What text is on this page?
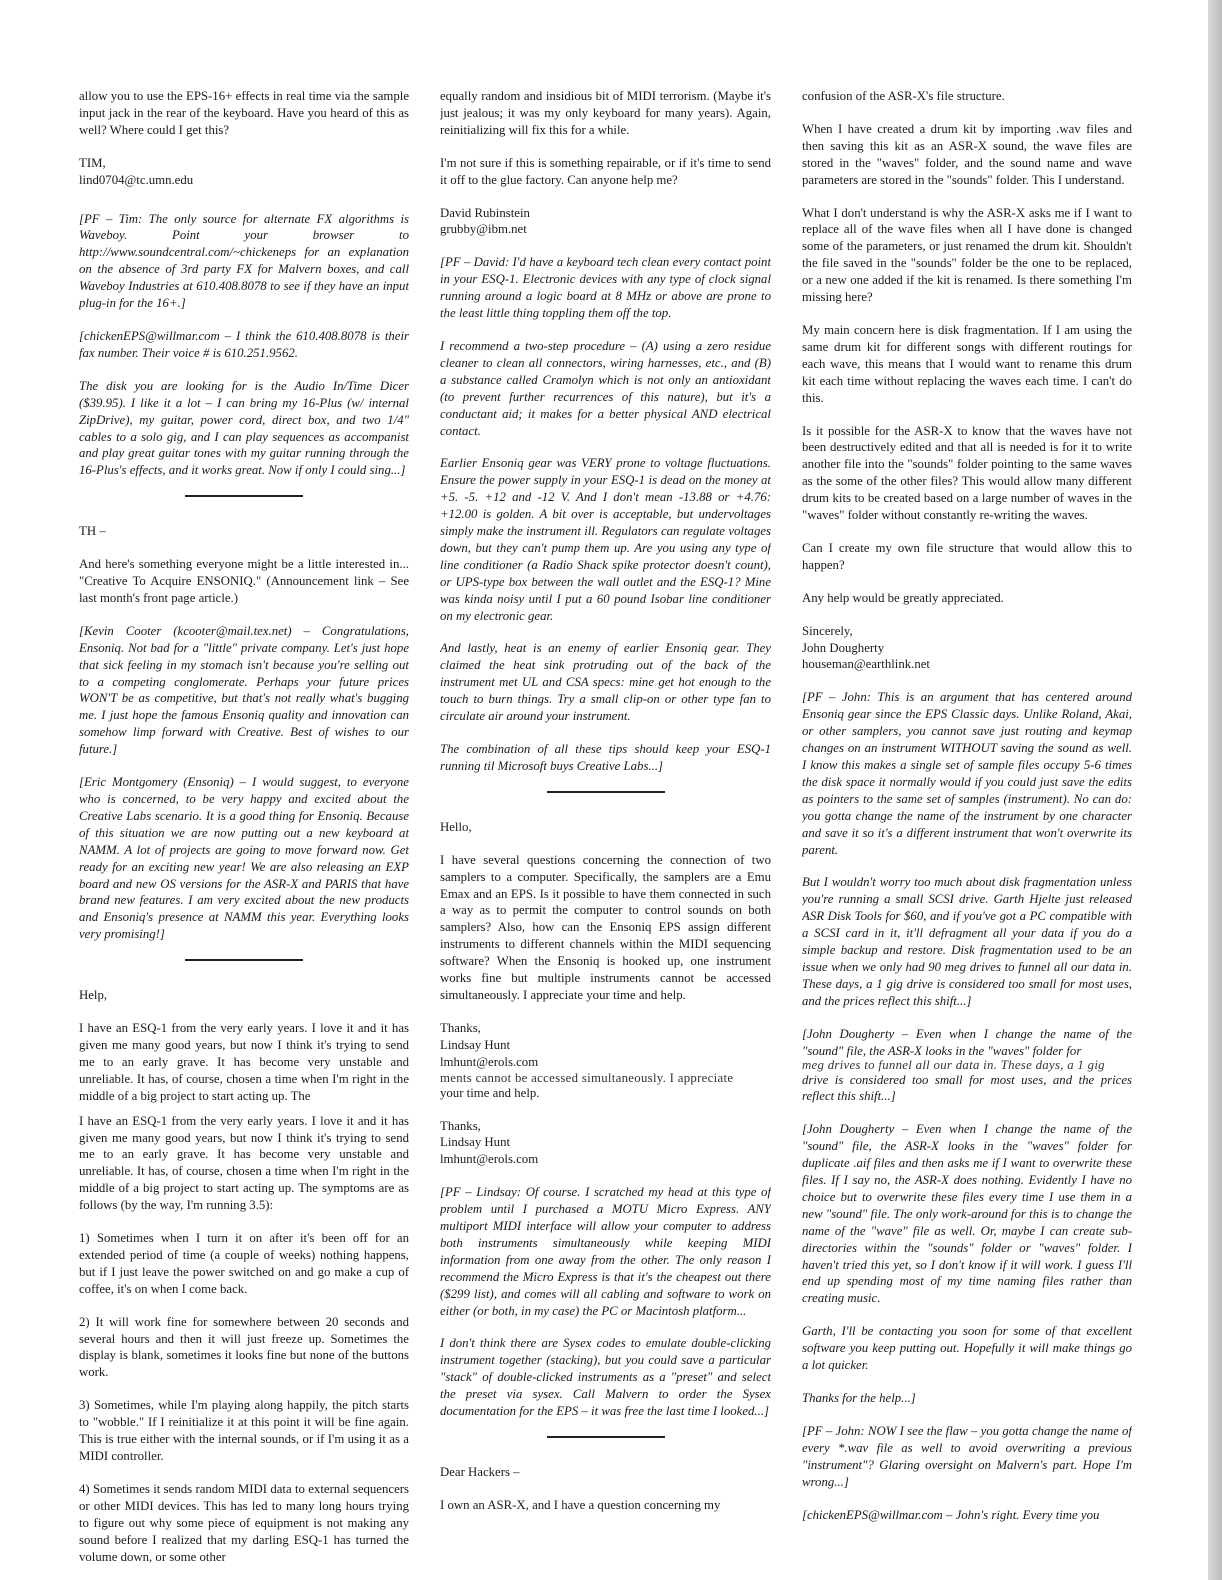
allow you to use the EPS-16+ effects in real time via the sample input jack in the rear of the keyboard. Have you heard of this as well? Where could I get this?

TIM,
lind0704@tc.umn.edu

[PF – Tim: The only source for alternate FX algorithms is Waveboy. Point your browser to http://www.soundcentral.com/~chickeneps for an explanation on the absence of 3rd party FX for Malvern boxes, and call Waveboy Industries at 610.408.8078 to see if they have an input plug-in for the 16+.]

[chickenEPS@willmar.com – I think the 610.408.8078 is their fax number. Their voice # is 610.251.9562.

The disk you are looking for is the Audio In/Time Dicer ($39.95). I like it a lot – I can bring my 16-Plus (w/ internal ZipDrive), my guitar, power cord, direct box, and two 1/4" cables to a solo gig, and I can play sequences as accompanist and play great guitar tones with my guitar running through the 16-Plus's effects, and it works great. Now if only I could sing...]

TH –

And here's something everyone might be a little interested in... "Creative To Acquire ENSONIQ." (Announcement link – See last month's front page article.)

[Kevin Cooter (kcooter@mail.tex.net) – Congratulations, Ensoniq. Not bad for a "little" private company. Let's just hope that sick feeling in my stomach isn't because you're selling out to a competing conglomerate. Perhaps your future prices WON'T be as competitive, but that's not really what's bugging me. I just hope the famous Ensoniq quality and innovation can somehow limp forward with Creative. Best of wishes to our future.]

[Eric Montgomery (Ensoniq) – I would suggest, to everyone who is concerned, to be very happy and excited about the Creative Labs scenario. It is a good thing for Ensoniq. Because of this situation we are now putting out a new keyboard at NAMM. A lot of projects are going to move forward now. Get ready for an exciting new year! We are also releasing an EXP board and new OS versions for the ASR-X and PARIS that have brand new features. I am very excited about the new products and Ensoniq's presence at NAMM this year. Everything looks very promising!]

Help,

I have an ESQ-1 from the very early years. I love it and it has given me many good years, but now I think it's trying to send me to an early grave. It has become very unstable and unreliable. It has, of course, chosen a time when I'm right in the middle of a big project to start acting up. The

I have an ESQ-1 from the very early years. I love it and it has given me many good years, but now I think it's trying to send me to an early grave. It has become very unstable and unreliable. It has, of course, chosen a time when I'm right in the middle of a big project to start acting up. The symptoms are as follows (by the way, I'm running 3.5):

1) Sometimes when I turn it on after it's been off for an extended period of time (a couple of weeks) nothing happens, but if I just leave the power switched on and go make a cup of coffee, it's on when I come back.

2) It will work fine for somewhere between 20 seconds and several hours and then it will just freeze up. Sometimes the display is blank, sometimes it looks fine but none of the buttons work.

3) Sometimes, while I'm playing along happily, the pitch starts to "wobble." If I reinitialize it at this point it will be fine again. This is true either with the internal sounds, or if I'm using it as a MIDI controller.

4) Sometimes it sends random MIDI data to external sequencers or other MIDI devices. This has led to many long hours trying to figure out why some piece of equipment is not making any sound before I realized that my darling ESQ-1 has turned the volume down, or some other

equally random and insidious bit of MIDI terrorism. (Maybe it's just jealous; it was my only keyboard for many years). Again, reinitializing will fix this for a while.

I'm not sure if this is something repairable, or if it's time to send it off to the glue factory. Can anyone help me?

David Rubinstein
grubby@ibm.net

[PF – David: I'd have a keyboard tech clean every contact point in your ESQ-1. Electronic devices with any type of clock signal running around a logic board at 8 MHz or above are prone to the least little thing toppling them off the top.

I recommend a two-step procedure – (A) using a zero residue cleaner to clean all connectors, wiring harnesses, etc., and (B) a substance called Cramolyn which is not only an antioxidant (to prevent further recurrences of this nature), but it's a conductant aid; it makes for a better physical AND electrical contact.

Earlier Ensoniq gear was VERY prone to voltage fluctuations. Ensure the power supply in your ESQ-1 is dead on the money at +5. -5. +12 and -12 V. And I don't mean -13.88 or +4.76: +12.00 is golden. A bit over is acceptable, but undervoltages simply make the instrument ill. Regulators can regulate voltages down, but they can't pump them up. Are you using any type of line conditioner (a Radio Shack spike protector doesn't count), or UPS-type box between the wall outlet and the ESQ-1? Mine was kinda noisy until I put a 60 pound Isobar line conditioner on my electronic gear.

And lastly, heat is an enemy of earlier Ensoniq gear. They claimed the heat sink protruding out of the back of the instrument met UL and CSA specs: mine get hot enough to the touch to burn things. Try a small clip-on or other type fan to circulate air around your instrument.

The combination of all these tips should keep your ESQ-1 running til Microsoft buys Creative Labs...]

Hello,

I have several questions concerning the connection of two samplers to a computer. Specifically, the samplers are a Emu Emax and an EPS. Is it possible to have them connected in such a way as to permit the computer to control sounds on both samplers? Also, how can the Ensoniq EPS assign different instruments to different channels within the MIDI sequencing software? When the Ensoniq is hooked up, one instrument works fine but multiple instruments cannot be accessed simultaneously. I appreciate your time and help.

Thanks,
Lindsay Hunt
lmhunt@erols.com

ments cannot be accessed simultaneously. I appreciate

your time and help.

Thanks,
Lindsay Hunt
lmhunt@erols.com

[PF – Lindsay: Of course. I scratched my head at this type of problem until I purchased a MOTU Micro Express. ANY multiport MIDI interface will allow your computer to address both instruments simultaneously while keeping MIDI information from one away from the other. The only reason I recommend the Micro Express is that it's the cheapest out there ($299 list), and comes will all cabling and software to work on either (or both, in my case) the PC or Macintosh platform...

I don't think there are Sysex codes to emulate double-clicking instrument together (stacking), but you could save a particular "stack" of double-clicked instruments as a "preset" and select the preset via sysex. Call Malvern to order the Sysex documentation for the EPS – it was free the last time I looked...]

Dear Hackers –

I own an ASR-X, and I have a question concerning my

confusion of the ASR-X's file structure.

When I have created a drum kit by importing .wav files and then saving this kit as an ASR-X sound, the wave files are stored in the "waves" folder, and the sound name and wave parameters are stored in the "sounds" folder. This I understand.

What I don't understand is why the ASR-X asks me if I want to replace all of the wave files when all I have done is changed some of the parameters, or just renamed the drum kit. Shouldn't the file saved in the "sounds" folder be the one to be replaced, or a new one added if the kit is renamed. Is there something I'm missing here?

My main concern here is disk fragmentation. If I am using the same drum kit for different songs with different routings for each wave, this means that I would want to rename this drum kit each time without replacing the waves each time. I can't do this.

Is it possible for the ASR-X to know that the waves have not been destructively edited and that all is needed is for it to write another file into the "sounds" folder pointing to the same waves as the some of the other files? This would allow many different drum kits to be created based on a large number of waves in the "waves" folder without constantly re-writing the waves.

Can I create my own file structure that would allow this to happen?

Any help would be greatly appreciated.

Sincerely,
John Dougherty
houseman@earthlink.net

[PF – John: This is an argument that has centered around Ensoniq gear since the EPS Classic days. Unlike Roland, Akai, or other samplers, you cannot save just routing and keymap changes on an instrument WITHOUT saving the sound as well. I know this makes a single set of sample files occupy 5-6 times the disk space it normally would if you could just save the edits as pointers to the same set of samples (instrument). No can do: you gotta change the name of the instrument by one character and save it so it's a different instrument that won't overwrite its parent.

But I wouldn't worry too much about disk fragmentation unless you're running a small SCSI drive. Garth Hjelte just released ASR Disk Tools for $60, and if you've got a PC compatible with a SCSI card in it, it'll defragment all your data if you do a simple backup and restore. Disk fragmentation used to be an issue when we only had 90 meg drives to funnel all our data in. These days, a 1 gig drive is considered too small for most uses, and the prices reflect this shift...]

[John Dougherty – Even when I change the name of the "sound" file, the ASR-X looks in the "waves" folder for

meg drives to funnel all our data in. These days, a 1 gig

drive is considered too small for most uses, and the prices reflect this shift...]

[John Dougherty – Even when I change the name of the "sound" file, the ASR-X looks in the "waves" folder for duplicate .aif files and then asks me if I want to overwrite these files. If I say no, the ASR-X does nothing. Evidently I have no choice but to overwrite these files every time I use them in a new "sound" file. The only work-around for this is to change the name of the "wave" file as well. Or, maybe I can create sub-directories within the "sounds" folder or "waves" folder. I haven't tried this yet, so I don't know if it will work. I guess I'll end up spending most of my time naming files rather than creating music.

Garth, I'll be contacting you soon for some of that excellent software you keep putting out. Hopefully it will make things go a lot quicker.

Thanks for the help...]

[PF – John: NOW I see the flaw – you gotta change the name of every *.wav file as well to avoid overwriting a previous "instrument"? Glaring oversight on Malvern's part. Hope I'm wrong...]

[chickenEPS@willmar.com – John's right. Every time you
